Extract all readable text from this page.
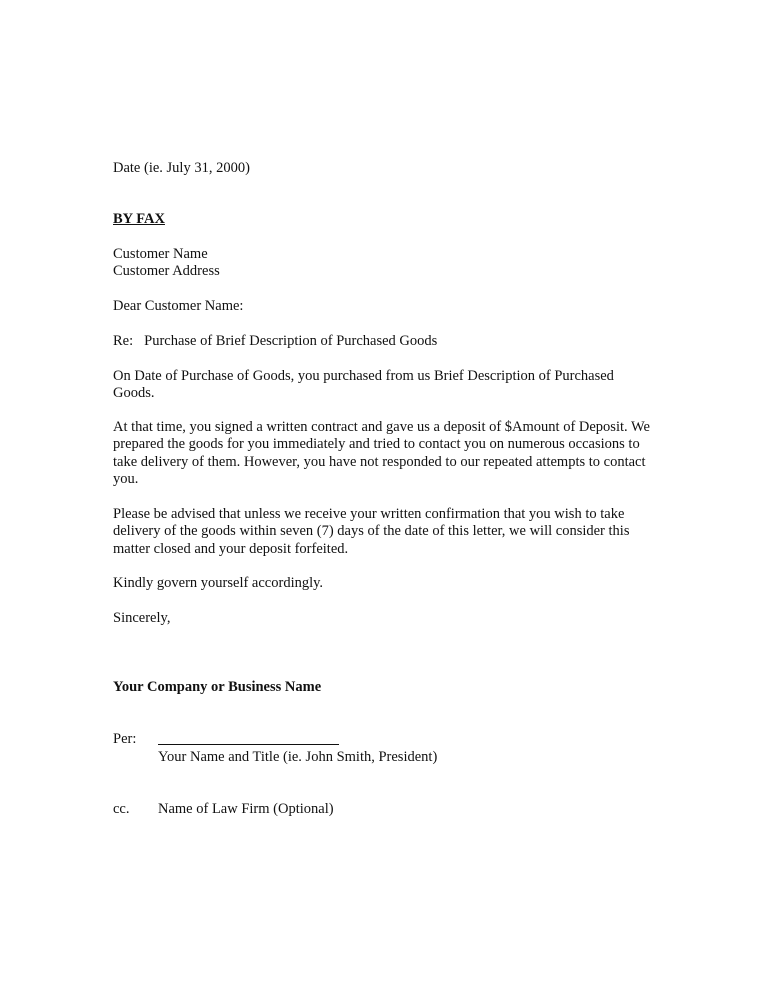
Date (ie. July 31, 2000)
BY FAX
Customer Name
Customer Address
Dear Customer Name:
Re: Purchase of Brief Description of Purchased Goods
On Date of Purchase of Goods, you purchased from us Brief Description of Purchased Goods.
At that time, you signed a written contract and gave us a deposit of $Amount of Deposit. We prepared the goods for you immediately and tried to contact you on numerous occasions to take delivery of them. However, you have not responded to our repeated attempts to contact you.
Please be advised that unless we receive your written confirmation that you wish to take delivery of the goods within seven (7) days of the date of this letter, we will consider this matter closed and your deposit forfeited.
Kindly govern yourself accordingly.
Sincerely,
Your Company or Business Name
Per:
Your Name and Title (ie. John Smith, President)
cc. Name of Law Firm (Optional)
